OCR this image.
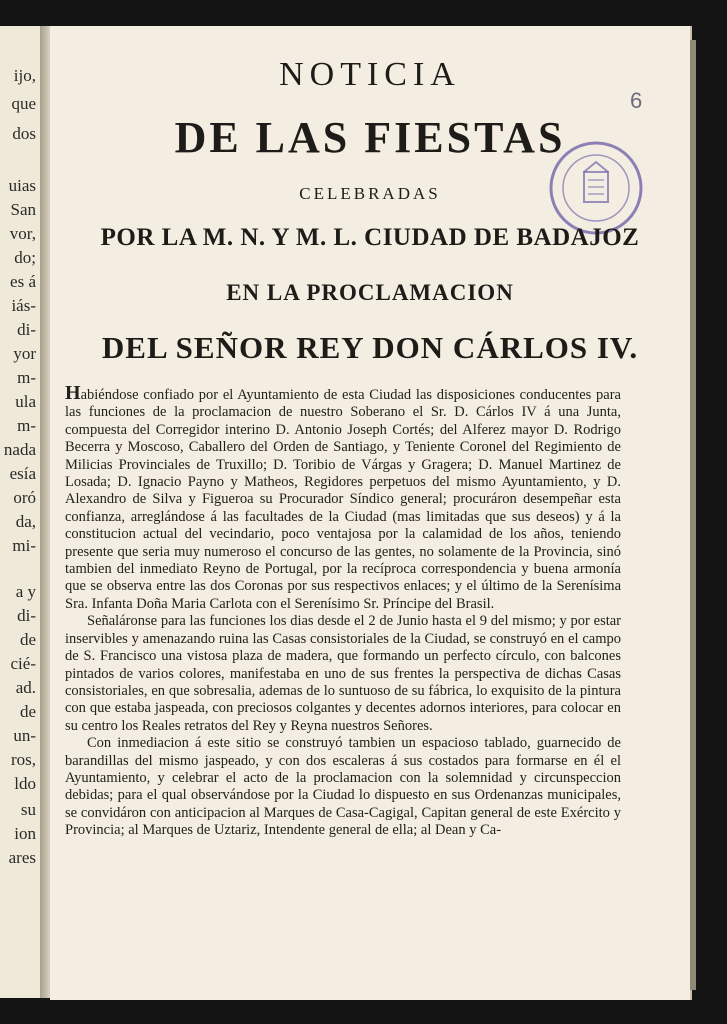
ijo,
que
dos
uias
San
vor,
do;
es á
iás-
di-
yor
m-
ula
m-
nada
esía
oró
da,
mi-
a y
di-
de
cié-
ad.
de
un-
ros,
ldo
su
ion
ares
6
NOTICIA
DE LAS FIESTAS
CELEBRADAS
POR LA M. N. Y M. L. CIUDAD DE BADAJOZ
EN LA PROCLAMACION
DEL SEÑOR REY DON CÁRLOS IV.

Habiéndose confiado por el Ayuntamiento de esta Ciudad las disposiciones conducentes para las funciones de la proclamacion de nuestro Soberano el Sr. D. Cárlos IV á una Junta, compuesta del Corregidor interino D. Antonio Joseph Cortés; del Alferez mayor D. Rodrigo Becerra y Moscoso, Caballero del Orden de Santiago, y Teniente Coronel del Regimiento de Milicias Provinciales de Truxillo; D. Toribio de Várgas y Gragera; D. Manuel Martinez de Losada; D. Ignacio Payno y Matheos, Regidores perpetuos del mismo Ayuntamiento, y D. Alexandro de Silva y Figueroa su Procurador Síndico general; procuráron desempeñar esta confianza, arreglándose á las facultades de la Ciudad (mas limitadas que sus deseos) y á la constitucion actual del vecindario, poco ventajosa por la calamidad de los años, teniendo presente que seria muy numeroso el concurso de las gentes, no solamente de la Provincia, sinó tambien del inmediato Reyno de Portugal, por la recíproca correspondencia y buena armonía que se observa entre las dos Coronas por sus respectivos enlaces; y el último de la Serenísima Sra. Infanta Doña Maria Carlota con el Serenísimo Sr. Príncipe del Brasil.

Señaláronse para las funciones los dias desde el 2 de Junio hasta el 9 del mismo; y por estar inservibles y amenazando ruina las Casas consistoriales de la Ciudad, se construyó en el campo de S. Francisco una vistosa plaza de madera, que formando un perfecto círculo, con balcones pintados de varios colores, manifestaba en uno de sus frentes la perspectiva de dichas Casas consistoriales, en que sobresalia, ademas de lo suntuoso de su fábrica, lo exquisito de la pintura con que estaba jaspeada, con preciosos colgantes y decentes adornos interiores, para colocar en su centro los Reales retratos del Rey y Reyna nuestros Señores.

Con inmediacion á este sitio se construyó tambien un espacioso tablado, guarnecido de barandillas del mismo jaspeado, y con dos escaleras á sus costados para formarse en él el Ayuntamiento, y celebrar el acto de la proclamacion con la solemnidad y circunspeccion debidas; para el qual observándose por la Ciudad lo dispuesto en sus Ordenanzas municipales, se convidáron con anticipacion al Marques de Casa-Cagigal, Capitan general de este Exército y Provincia; al Marques de Uztariz, Intendente general de ella; al Dean y Ca-
